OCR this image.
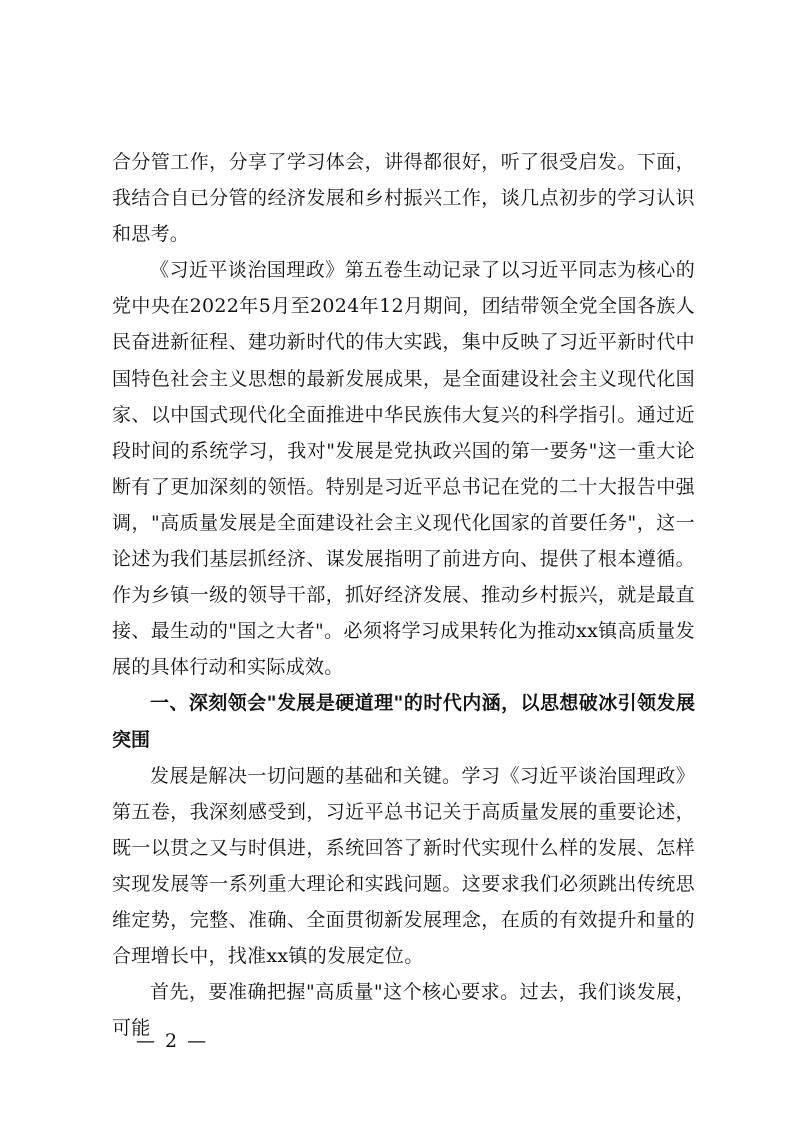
合分管工作，分享了学习体会，讲得都很好，听了很受启发。下面，我结合自已分管的经济发展和乡村振兴工作，谈几点初步的学习认识和思考。

《习近平谈治国理政》第五卷生动记录了以习近平同志为核心的党中央在2022年5月至2024年12月期间，团结带领全党全国各族人民奋进新征程、建功新时代的伟大实践，集中反映了习近平新时代中国特色社会主义思想的最新发展成果，是全面建设社会主义现代化国家、以中国式现代化全面推进中华民族伟大复兴的科学指引。通过近段时间的系统学习，我对"发展是党执政兴国的第一要务"这一重大论断有了更加深刻的领悟。特别是习近平总书记在党的二十大报告中强调，"高质量发展是全面建设社会主义现代化国家的首要任务"，这一论述为我们基层抓经济、谋发展指明了前进方向、提供了根本遵循。作为乡镇一级的领导干部，抓好经济发展、推动乡村振兴，就是最直接、最生动的"国之大者"。必须将学习成果转化为推动xx镇高质量发展的具体行动和实际成效。

一、深刻领会"发展是硬道理"的时代内涵，以思想破冰引领发展突围

发展是解决一切问题的基础和关键。学习《习近平谈治国理政》第五卷，我深刻感受到，习近平总书记关于高质量发展的重要论述，既一以贯之又与时俱进，系统回答了新时代实现什么样的发展、怎样实现发展等一系列重大理论和实践问题。这要求我们必须跳出传统思维定势，完整、准确、全面贯彻新发展理念，在质的有效提升和量的合理增长中，找准xx镇的发展定位。

首先，要准确把握"高质量"这个核心要求。过去，我们谈发展，可能

— 2 —
